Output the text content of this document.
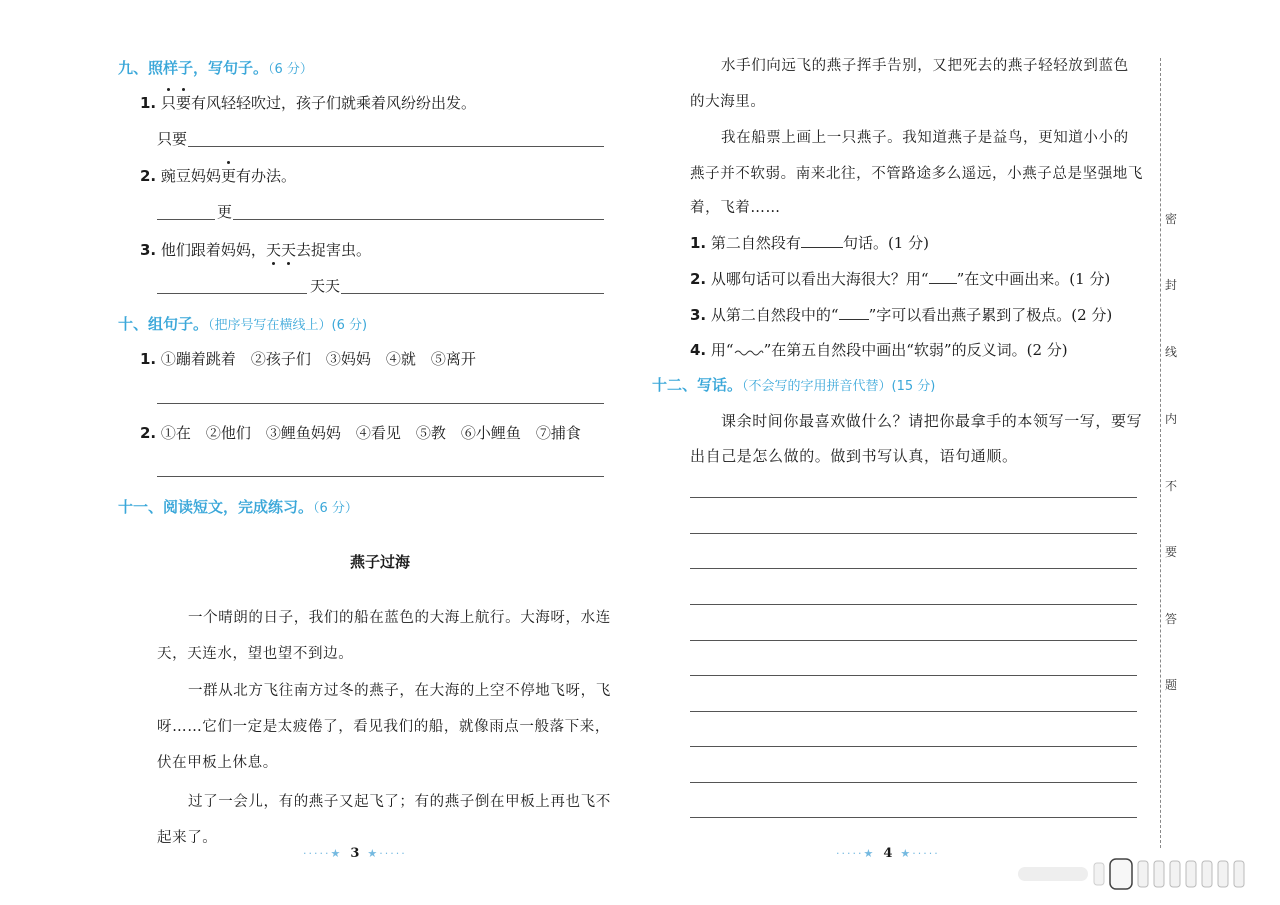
九、照样子，写句子。（6 分）
1. 只要有风轻轻吹过，孩子们就乘着风纷纷出发。
只要
2. 豌豆妈妈更有办法。
更
3. 他们跟着妈妈，天天去捉害虫。
天天
十、组句子。（把序号写在横线上）(6 分)
1. ①蹦着跳着　②孩子们　③妈妈　④就　⑤离开
2. ①在　②他们　③鲤鱼妈妈　④看见　⑤教　⑥小鲤鱼　⑦捕食
十一、阅读短文，完成练习。（6 分）
燕子过海
一个晴朗的日子，我们的船在蓝色的大海上航行。大海呀，水连
天，天连水，望也望不到边。
一群从北方飞往南方过冬的燕子，在大海的上空不停地飞呀，飞
呀……它们一定是太疲倦了，看见我们的船，就像雨点一般落下来，
伏在甲板上休息。
过了一会儿，有的燕子又起飞了；有的燕子倒在甲板上再也飞不
起来了。
·····★ 3 ★·····
水手们向远飞的燕子挥手告别，又把死去的燕子轻轻放到蓝色
的大海里。
我在船票上画上一只燕子。我知道燕子是益鸟，更知道小小的
燕子并不软弱。南来北往，不管路途多么遥远，小燕子总是坚强地飞
着，飞着……
1. 第二自然段有	句话。(1 分)
2. 从哪句话可以看出大海很大？用“ ”在文中画出来。(1 分)
3. 从第二自然段中的“ ”字可以看出燕子累到了极点。(2 分)
4. 用“ ”在第五自然段中画出“软弱”的反义词。(2 分)
十二、写话。（不会写的字用拼音代替）(15 分)
课余时间你最喜欢做什么？请把你最拿手的本领写一写，要写
出自己是怎么做的。做到书写认真，语句通顺。
·····★ 4 ★·····
密
封
线
内
不
要
答
题
